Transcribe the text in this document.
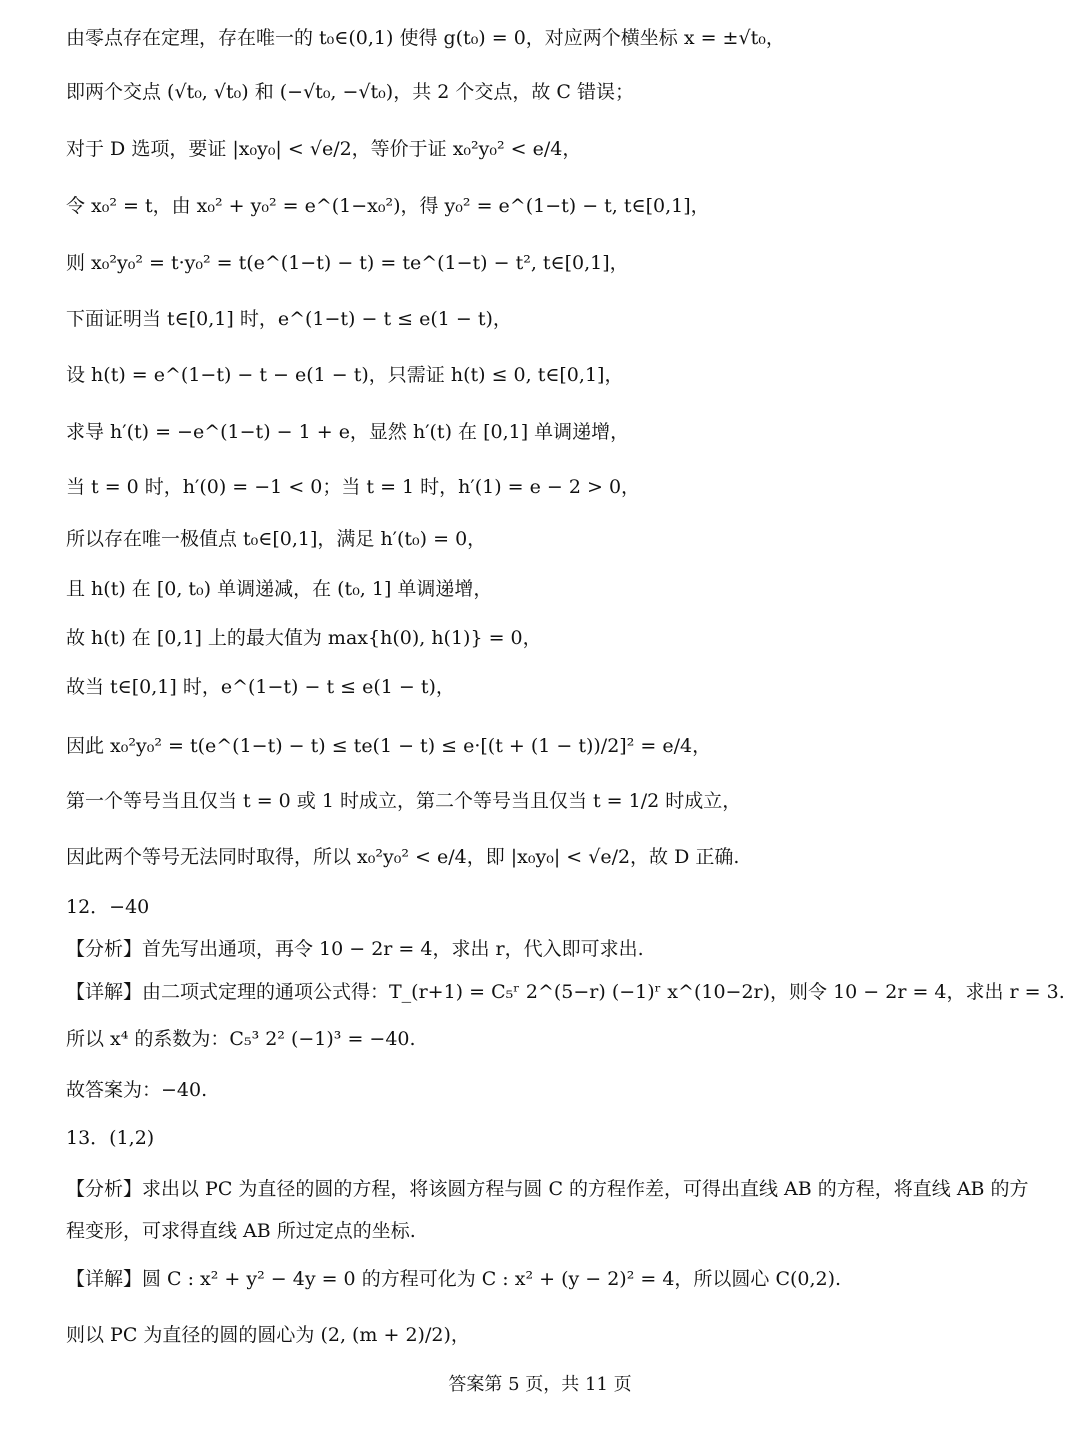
由零点存在定理，存在唯一的 t₀∈(0,1) 使得 g(t₀) = 0，对应两个横坐标 x = ±√t₀，
即两个交点 (√t₀, √t₀) 和 (−√t₀, −√t₀)，共 2 个交点，故 C 错误；
对于 D 选项，要证 |x₀y₀| < √e/2，等价于证 x₀²y₀² < e/4，
令 x₀² = t，由 x₀² + y₀² = e^(1−x₀²)，得 y₀² = e^(1−t) − t, t∈[0,1]，
则 x₀²y₀² = t·y₀² = t(e^(1−t) − t) = te^(1−t) − t², t∈[0,1]，
下面证明当 t∈[0,1] 时，e^(1−t) − t ≤ e(1 − t)，
设 h(t) = e^(1−t) − t − e(1 − t)，只需证 h(t) ≤ 0, t∈[0,1]，
求导 h′(t) = −e^(1−t) − 1 + e，显然 h′(t) 在 [0,1] 单调递增，
当 t = 0 时，h′(0) = −1 < 0；当 t = 1 时，h′(1) = e − 2 > 0，
所以存在唯一极值点 t₀∈[0,1]，满足 h′(t₀) = 0，
且 h(t) 在 [0, t₀) 单调递减，在 (t₀, 1] 单调递增，
故 h(t) 在 [0,1] 上的最大值为 max{h(0), h(1)} = 0，
故当 t∈[0,1] 时，e^(1−t) − t ≤ e(1 − t)，
因此 x₀²y₀² = t(e^(1−t) − t) ≤ te(1 − t) ≤ e·[(t + (1 − t))/2]² = e/4，
第一个等号当且仅当 t = 0 或 1 时成立，第二个等号当且仅当 t = 1/2 时成立，
因此两个等号无法同时取得，所以 x₀²y₀² < e/4，即 |x₀y₀| < √e/2，故 D 正确.
12．−40
【分析】首先写出通项，再令 10 − 2r = 4，求出 r，代入即可求出.
【详解】由二项式定理的通项公式得：T_(r+1) = C₅ʳ 2^(5−r) (−1)ʳ x^(10−2r)，则令 10 − 2r = 4，求出 r = 3.
所以 x⁴ 的系数为：C₅³ 2² (−1)³ = −40.
故答案为：−40.
13．(1,2)
【分析】求出以 PC 为直径的圆的方程，将该圆方程与圆 C 的方程作差，可得出直线 AB 的方程，将直线 AB 的方
程变形，可求得直线 AB 所过定点的坐标.
【详解】圆 C : x² + y² − 4y = 0 的方程可化为 C : x² + (y − 2)² = 4，所以圆心 C(0,2).
则以 PC 为直径的圆的圆心为 (2, (m + 2)/2)，
答案第 5 页，共 11 页
